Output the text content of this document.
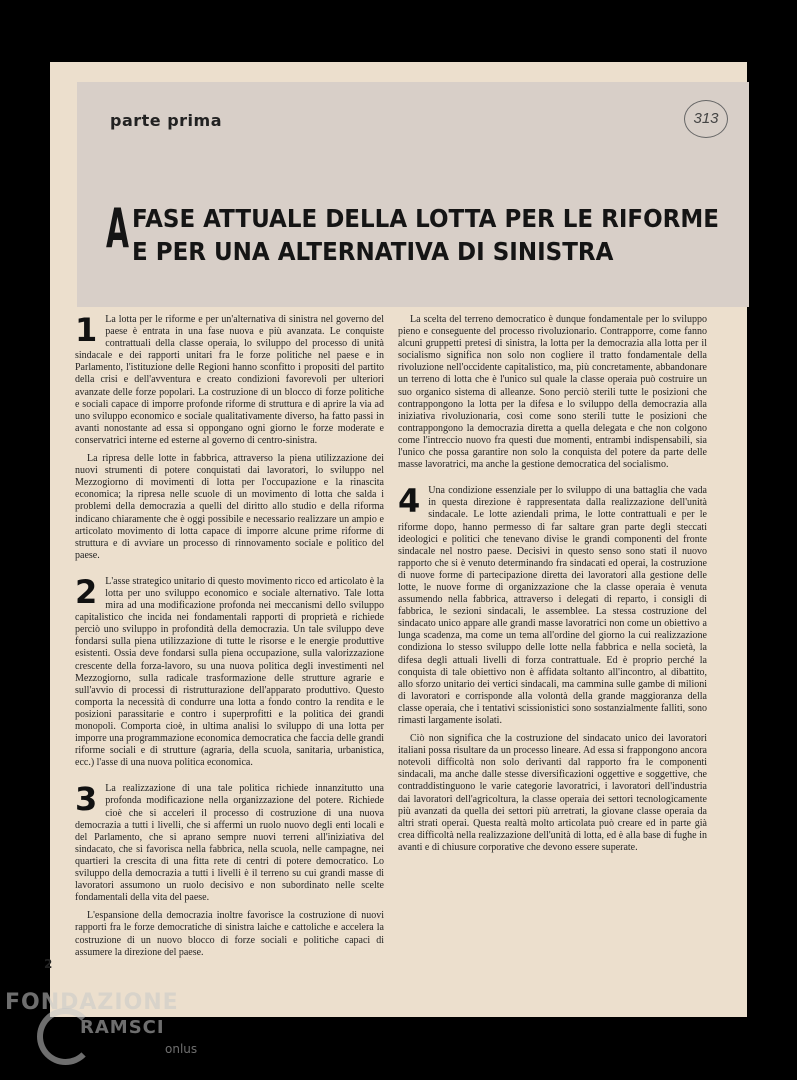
parte prima	313
A FASE ATTUALE DELLA LOTTA PER LE RIFORME
E PER UNA ALTERNATIVA DI SINISTRA
1 La lotta per le riforme e per un'alternativa di sinistra nel governo del paese è entrata in una fase nuova e più avanzata. Le conquiste contrattuali della classe operaia, lo sviluppo del processo di unità sindacale e dei rapporti unitari fra le forze politiche nel paese e in Parlamento, l'istituzione delle Regioni hanno sconfitto i propositi del partito della crisi e dell'avventura e creato condizioni favorevoli per ulteriori avanzate delle forze popolari. La costruzione di un blocco di forze politiche e sociali capace di imporre profonde riforme di struttura e di aprire la via ad uno sviluppo economico e sociale qualitativamente diverso, ha fatto passi in avanti nonostante ad essa si oppongano ogni giorno le forze moderate e conservatrici interne ed esterne al governo di centro-sinistra.

La ripresa delle lotte in fabbrica, attraverso la piena utilizzazione dei nuovi strumenti di potere conquistati dai lavoratori, lo sviluppo nel Mezzogiorno di movimenti di lotta per l'occupazione e la rinascita economica; la ripresa nelle scuole di un movimento di lotta che salda i problemi della democrazia a quelli del diritto allo studio e della riforma indicano chiaramente che è oggi possibile e necessario realizzare un ampio e articolato movimento di lotta capace di imporre alcune prime riforme di struttura e di avviare un processo di rinnovamento sociale e politico del paese.

2 L'asse strategico unitario di questo movimento ricco ed articolato è la lotta per uno sviluppo economico e sociale alternativo. Tale lotta mira ad una modificazione profonda nei meccanismi dello sviluppo capitalistico che incida nei fondamentali rapporti di proprietà e richiede perciò uno sviluppo in profondità della democrazia. Un tale sviluppo deve fondarsi sulla piena utilizzazione di tutte le risorse e le energie produttive esistenti. Ossia deve fondarsi sulla piena occupazione, sulla valorizzazione crescente della forza-lavoro, su una nuova politica degli investimenti nel Mezzogiorno, sulla radicale trasformazione delle strutture agrarie e sull'avvio di processi di ristrutturazione dell'apparato produttivo. Questo comporta la necessità di condurre una lotta a fondo contro la rendita e le posizioni parassitarie e contro i superprofitti e la politica dei grandi monopoli. Comporta cioè, in ultima analisi lo sviluppo di una lotta per imporre una programmazione economica democratica che faccia delle grandi riforme sociali e di strutture (agraria, della scuola, sanitaria, urbanistica, ecc.) l'asse di una nuova politica economica.

3 La realizzazione di una tale politica richiede innanzitutto una profonda modificazione nella organizzazione del potere. Richiede cioè che si acceleri il processo di costruzione di una nuova democrazia a tutti i livelli, che si affermi un ruolo nuovo degli enti locali e del Parlamento, che si aprano sempre nuovi terreni all'iniziativa del sindacato, che si favorisca nella fabbrica, nella scuola, nelle campagne, nei quartieri la crescita di una fitta rete di centri di potere democratico. Lo sviluppo della democrazia a tutti i livelli è il terreno su cui grandi masse di lavoratori assumono un ruolo decisivo e non subordinato nelle scelte fondamentali della vita del paese.

L'espansione della democrazia inoltre favorisce la costruzione di nuovi rapporti fra le forze democratiche di sinistra laiche e cattoliche e accelera la costruzione di un nuovo blocco di forze sociali e politiche capaci di assumere la direzione del paese.

La scelta del terreno democratico è dunque fondamentale per lo sviluppo pieno e conseguente del processo rivoluzionario. Contrapporre, come fanno alcuni gruppetti pretesi di sinistra, la lotta per la democrazia alla lotta per il socialismo significa non solo non cogliere il tratto fondamentale della rivoluzione nell'occidente capitalistico, ma, più concretamente, abbandonare un terreno di lotta che è l'unico sul quale la classe operaia può costruire un suo organico sistema di alleanze. Sono perciò sterili tutte le posizioni che contrappongono la lotta per la difesa e lo sviluppo della democrazia alla iniziativa rivoluzionaria, così come sono sterili tutte le posizioni che contrappongono la democrazia diretta a quella delegata e che non colgono come l'intreccio nuovo fra questi due momenti, entrambi indispensabili, sia l'unico che possa garantire non solo la conquista del potere da parte delle masse lavoratrici, ma anche la gestione democratica del socialismo.

4 Una condizione essenziale per lo sviluppo di una battaglia che vada in questa direzione è rappresentata dalla realizzazione dell'unità sindacale. Le lotte aziendali prima, le lotte contrattuali e per le riforme dopo, hanno permesso di far saltare gran parte degli steccati ideologici e politici che tenevano divise le grandi componenti del fronte sindacale nel nostro paese. Decisivi in questo senso sono stati il nuovo rapporto che si è venuto determinando fra sindacati ed operai, la costruzione di nuove forme di partecipazione diretta dei lavoratori alla gestione delle lotte, le nuove forme di organizzazione che la classe operaia è venuta assumendo nella fabbrica, attraverso i delegati di reparto, i consigli di fabbrica, le sezioni sindacali, le assemblee. La stessa costruzione del sindacato unico appare alle grandi masse lavoratrici non come un obiettivo a lunga scadenza, ma come un tema all'ordine del giorno la cui realizzazione condiziona lo stesso sviluppo delle lotte nella fabbrica e nella società, la difesa degli attuali livelli di forza contrattuale. Ed è proprio perché la conquista di tale obiettivo non è affidata soltanto all'incontro, al dibattito, allo sforzo unitario dei vertici sindacali, ma cammina sulle gambe di milioni di lavoratori e corrisponde alla volontà della grande maggioranza della classe operaia, che i tentativi scissionistici sono sostanzialmente falliti, sono rimasti largamente isolati.

Ciò non significa che la costruzione del sindacato unico dei lavoratori italiani possa risultare da un processo lineare. Ad essa si frappongono ancora notevoli difficoltà non solo derivanti dal rapporto fra le componenti sindacali, ma anche dalle stesse diversificazioni oggettive e soggettive, che contraddistinguono le varie categorie lavoratrici, i lavoratori dell'industria dai lavoratori dell'agricoltura, la classe operaia dei settori tecnologicamente più avanzati da quella dei settori più arretrati, la giovane classe operaia da altri strati operai. Questa realtà molto articolata può creare ed in parte già crea difficoltà nella realizzazione dell'unità di lotta, ed è alla base di fughe in avanti e di chiusure corporative che devono essere superate.

2
FONDAZIONE
RAMSCI
onlus
